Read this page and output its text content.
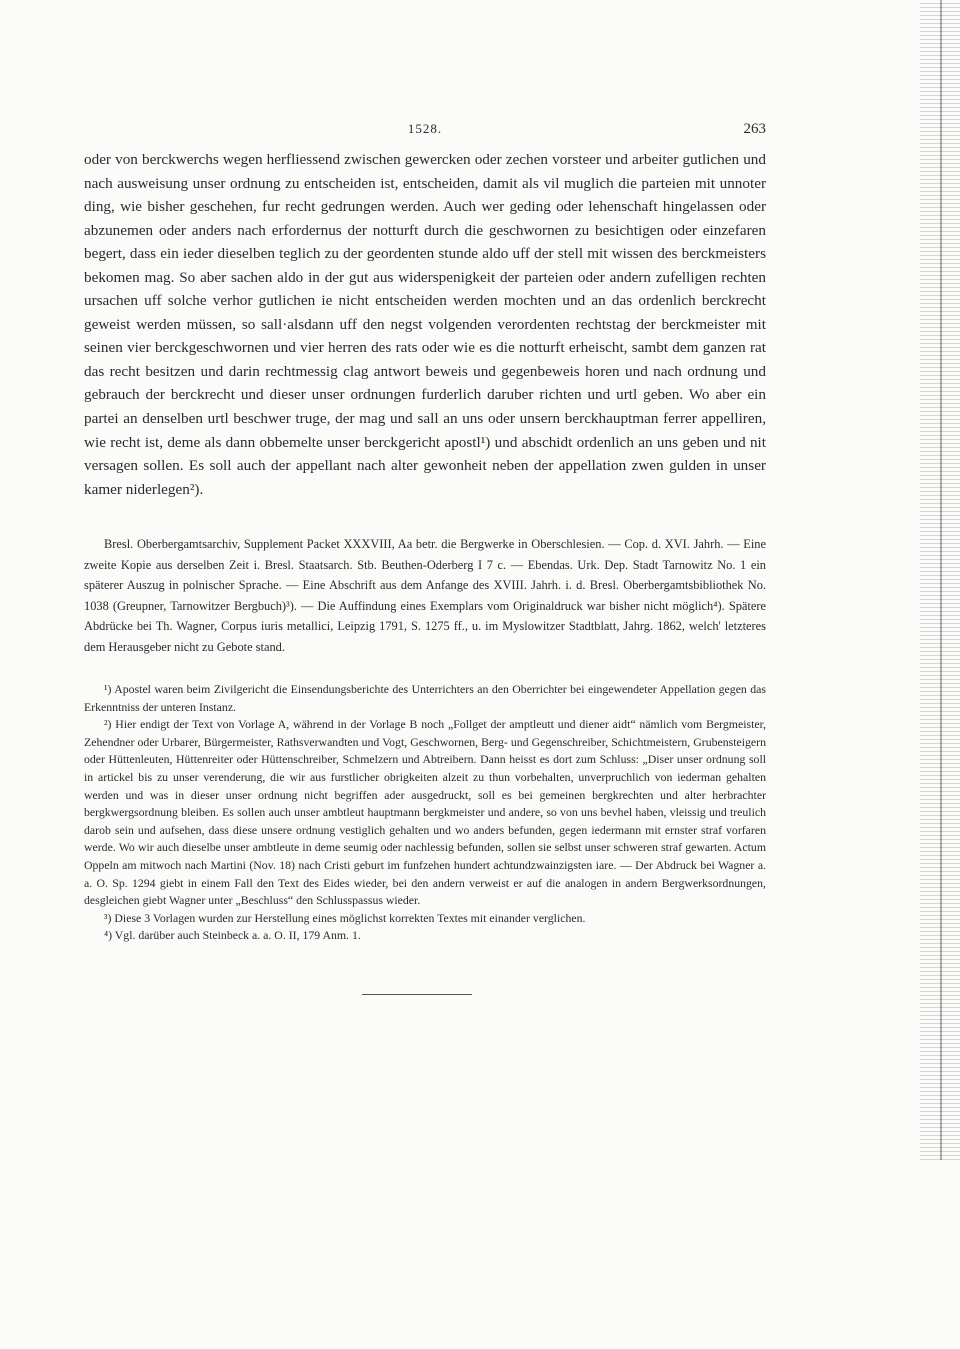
1528.	263

oder von berckwerchs wegen herfliessend zwischen gewercken oder zechen vorsteer und arbeiter gutlichen und nach ausweisung unser ordnung zu entscheiden ist, entscheiden, damit als vil muglich die parteien mit unnoter ding, wie bisher geschehen, fur recht gedrungen werden. Auch wer geding oder lehenschaft hingelassen oder abzunemen oder anders nach erfordernus der notturft durch die geschwornen zu besichtigen oder einzefaren begert, dass ein ieder dieselben teglich zu der geordenten stunde aldo uff der stell mit wissen des berckmeisters bekomen mag. So aber sachen aldo in der gut aus widerspenigkeit der parteien oder andern zufelligen rechten ursachen uff solche verhor gutlichen ie nicht entscheiden werden mochten und an das ordenlich berckrecht geweist werden müssen, so sall·alsdann uff den negst volgenden verordenten rechtstag der berckmeister mit seinen vier berckgeschwornen und vier herren des rats oder wie es die notturft erheischt, sambt dem ganzen rat das recht besitzen und darin rechtmessig clag antwort beweis und gegenbeweis horen und nach ordnung und gebrauch der berckrecht und dieser unser ordnungen furderlich daruber richten und urtl geben. Wo aber ein partei an denselben urtl beschwer truge, der mag und sall an uns oder unsern berckhauptman ferrer appelliren, wie recht ist, deme als dann obbemelte unser berckgericht apostl¹) und abschidt ordenlich an uns geben und nit versagen sollen. Es soll auch der appellant nach alter gewonheit neben der appellation zwen gulden in unser kamer niderlegen²).

Bresl. Oberbergamtsarchiv, Supplement Packet XXXVIII, Aa betr. die Bergwerke in Oberschlesien. — Cop. d. XVI. Jahrh. — Eine zweite Kopie aus derselben Zeit i. Bresl. Staatsarch. Stb. Beuthen-Oderberg I 7 c. — Ebendas. Urk. Dep. Stadt Tarnowitz No. 1 ein späterer Auszug in polnischer Sprache. — Eine Abschrift aus dem Anfange des XVIII. Jahrh. i. d. Bresl. Oberbergamtsbibliothek No. 1038 (Greupner, Tarnowitzer Bergbuch)³). — Die Auffindung eines Exemplars vom Originaldruck war bisher nicht möglich⁴). Spätere Abdrücke bei Th. Wagner, Corpus iuris metallici, Leipzig 1791, S. 1275 ff., u. im Myslowitzer Stadtblatt, Jahrg. 1862, welch' letzteres dem Herausgeber nicht zu Gebote stand.

¹) Apostel waren beim Zivilgericht die Einsendungsberichte des Unterrichters an den Oberrichter bei eingewendeter Appellation gegen das Erkenntniss der unteren Instanz.

²) Hier endigt der Text von Vorlage A, während in der Vorlage B noch „Follget der amptleutt und diener aidt“ nämlich vom Bergmeister, Zehendner oder Urbarer, Bürgermeister, Rathsverwandten und Vogt, Geschwornen, Berg- und Gegenschreiber, Schichtmeistern, Grubensteigern oder Hüttenleuten, Hüttenreiter oder Hüttenschreiber, Schmelzern und Abtreibern. Dann heisst es dort zum Schluss: „Diser unser ordnung soll in artickel bis zu unser verenderung, die wir aus furstlicher obrigkeiten alzeit zu thun vorbehalten, unverpruchlich von iederman gehalten werden und was in dieser unser ordnung nicht begriffen ader ausgedruckt, soll es bei gemeinen bergkrechten und alter herbrachter bergkwergsordnung bleiben. Es sollen auch unser ambtleut hauptmann bergkmeister und andere, so von uns bevhel haben, vleissig und treulich darob sein und aufsehen, dass diese unsere ordnung vestiglich gehalten und wo anders befunden, gegen iedermann mit ernster straf vorfaren werde. Wo wir auch dieselbe unser ambtleute in deme seumig oder nachlessig befunden, sollen sie selbst unser schweren straf gewarten. Actum Oppeln am mitwoch nach Martini (Nov. 18) nach Cristi geburt im funfzehen hundert achtundzwainzigsten iare. — Der Abdruck bei Wagner a. a. O. Sp. 1294 giebt in einem Fall den Text des Eides wieder, bei den andern verweist er auf die analogen in andern Bergwerksordnungen, desgleichen giebt Wagner unter „Beschluss“ den Schlusspassus wieder.

³) Diese 3 Vorlagen wurden zur Herstellung eines möglichst korrekten Textes mit einander verglichen.

⁴) Vgl. darüber auch Steinbeck a. a. O. II, 179 Anm. 1.
